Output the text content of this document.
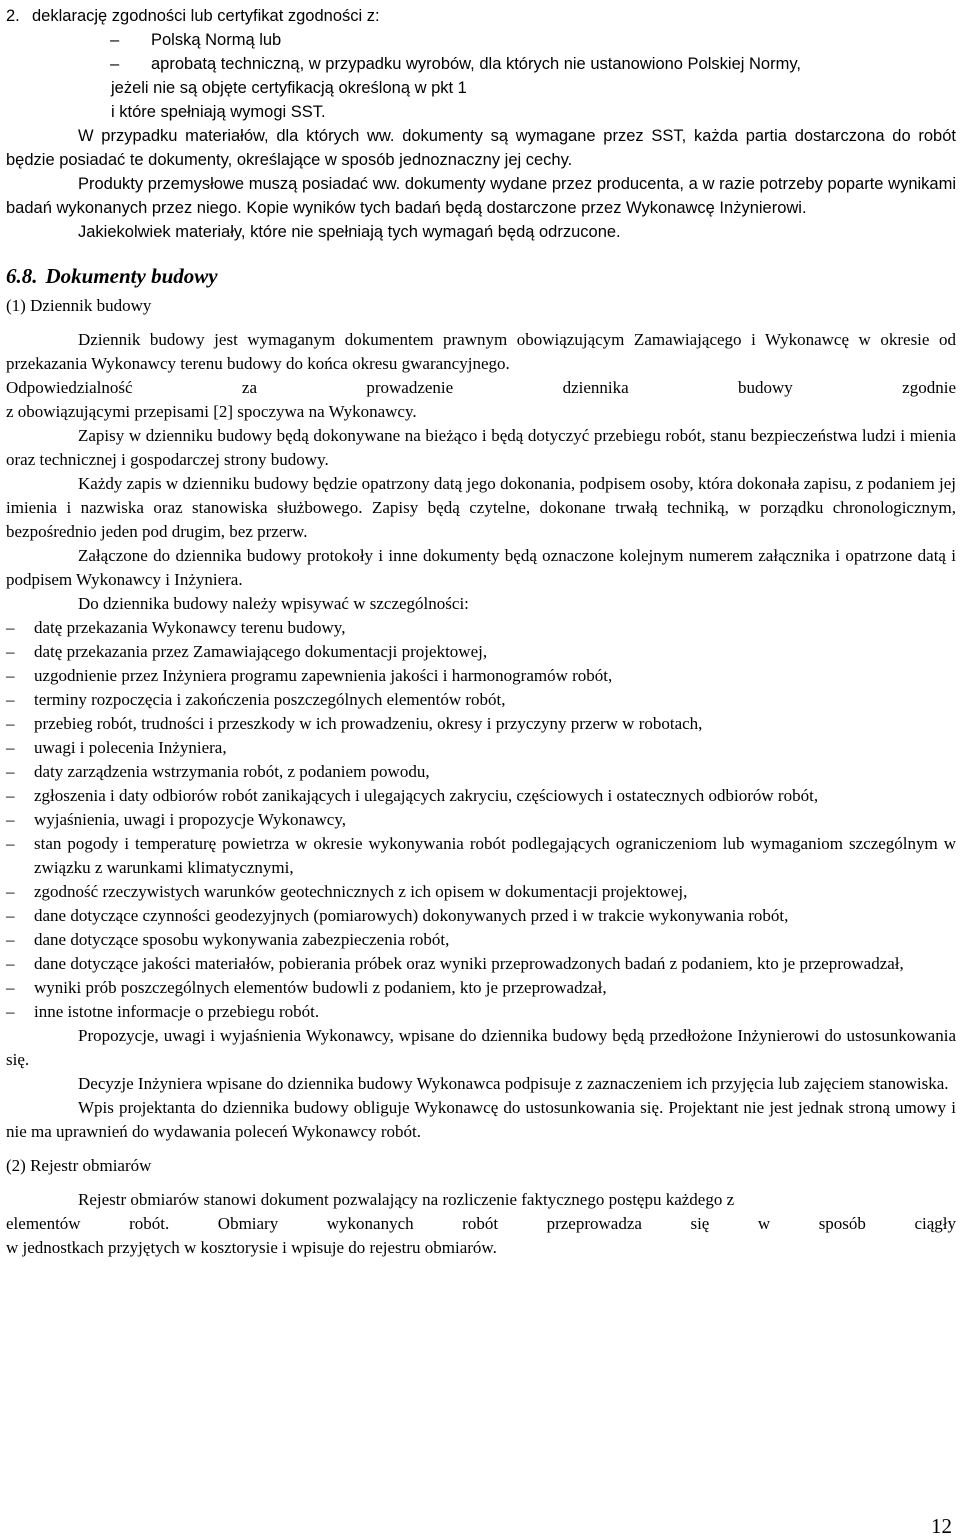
2. deklarację zgodności lub certyfikat zgodności z:
– Polską Normą lub
– aprobatą techniczną, w przypadku wyrobów, dla których nie ustanowiono Polskiej Normy,
jeżeli nie są objęte certyfikacją określoną w pkt 1
i które spełniają wymogi SST.
W przypadku materiałów, dla których ww. dokumenty są wymagane przez SST, każda partia dostarczona do robót będzie posiadać te dokumenty, określające w sposób jednoznaczny jej cechy.
Produkty przemysłowe muszą posiadać ww. dokumenty wydane przez producenta, a w razie potrzeby poparte wynikami badań wykonanych przez niego. Kopie wyników tych badań będą dostarczone przez Wykonawcę Inżynierowi.
Jakiekolwiek materiały, które nie spełniają tych wymagań będą odrzucone.
6.8. Dokumenty budowy
(1) Dziennik budowy
Dziennik budowy jest wymaganym dokumentem prawnym obowiązującym Zamawiającego i Wykonawcę w okresie od przekazania Wykonawcy terenu budowy do końca okresu gwarancyjnego.
Odpowiedzialność za prowadzenie dziennika budowy zgodnie
z obowiązującymi przepisami [2] spoczywa na Wykonawcy.
Zapisy w dzienniku budowy będą dokonywane na bieżąco i będą dotyczyć przebiegu robót, stanu bezpieczeństwa ludzi i mienia oraz technicznej i gospodarczej strony budowy.
Każdy zapis w dzienniku budowy będzie opatrzony datą jego dokonania, podpisem osoby, która dokonała zapisu, z podaniem jej imienia i nazwiska oraz stanowiska służbowego. Zapisy będą czytelne, dokonane trwałą techniką, w porządku chronologicznym, bezpośrednio jeden pod drugim, bez przerw.
Załączone do dziennika budowy protokoły i inne dokumenty będą oznaczone kolejnym numerem załącznika i opatrzone datą i podpisem Wykonawcy i Inżyniera.
Do dziennika budowy należy wpisywać w szczególności:
–	datę przekazania Wykonawcy terenu budowy,
–	datę przekazania przez Zamawiającego dokumentacji projektowej,
–	uzgodnienie przez Inżyniera programu zapewnienia jakości i harmonogramów robót,
–	terminy rozpoczęcia i zakończenia poszczególnych elementów robót,
–	przebieg robót, trudności i przeszkody w ich prowadzeniu, okresy i przyczyny przerw w robotach,
–	uwagi i polecenia Inżyniera,
–	daty zarządzenia wstrzymania robót, z podaniem powodu,
–	zgłoszenia i daty odbiorów robót zanikających i ulegających zakryciu, częściowych i ostatecznych odbiorów robót,
–	wyjaśnienia, uwagi i propozycje Wykonawcy,
–	stan pogody i temperaturę powietrza w okresie wykonywania robót podlegających ograniczeniom lub wymaganiom szczególnym w związku z warunkami klimatycznymi,
–	zgodność rzeczywistych warunków geotechnicznych z ich opisem w dokumentacji projektowej,
–	dane dotyczące czynności geodezyjnych (pomiarowych) dokonywanych przed i w trakcie wykonywania robót,
–	dane dotyczące sposobu wykonywania zabezpieczenia robót,
–	dane dotyczące jakości materiałów, pobierania próbek oraz wyniki przeprowadzonych badań z podaniem, kto je przeprowadzał,
–	wyniki prób poszczególnych elementów budowli z podaniem, kto je przeprowadzał,
–	inne istotne informacje o przebiegu robót.
Propozycje, uwagi i wyjaśnienia Wykonawcy, wpisane do dziennika budowy będą przedłożone Inżynierowi do ustosunkowania się.
Decyzje Inżyniera wpisane do dziennika budowy Wykonawca podpisuje z zaznaczeniem ich przyjęcia lub zajęciem stanowiska.
Wpis projektanta do dziennika budowy obliguje Wykonawcę do ustosunkowania się. Projektant nie jest jednak stroną umowy i nie ma uprawnień do wydawania poleceń Wykonawcy robót.
(2) Rejestr obmiarów
Rejestr obmiarów stanowi dokument pozwalający na rozliczenie faktycznego postępu każdego z
elementów robót. Obmiary wykonanych robót przeprowadza się w sposób ciągły
w jednostkach przyjętych w kosztorysie i wpisuje do rejestru obmiarów.
12
